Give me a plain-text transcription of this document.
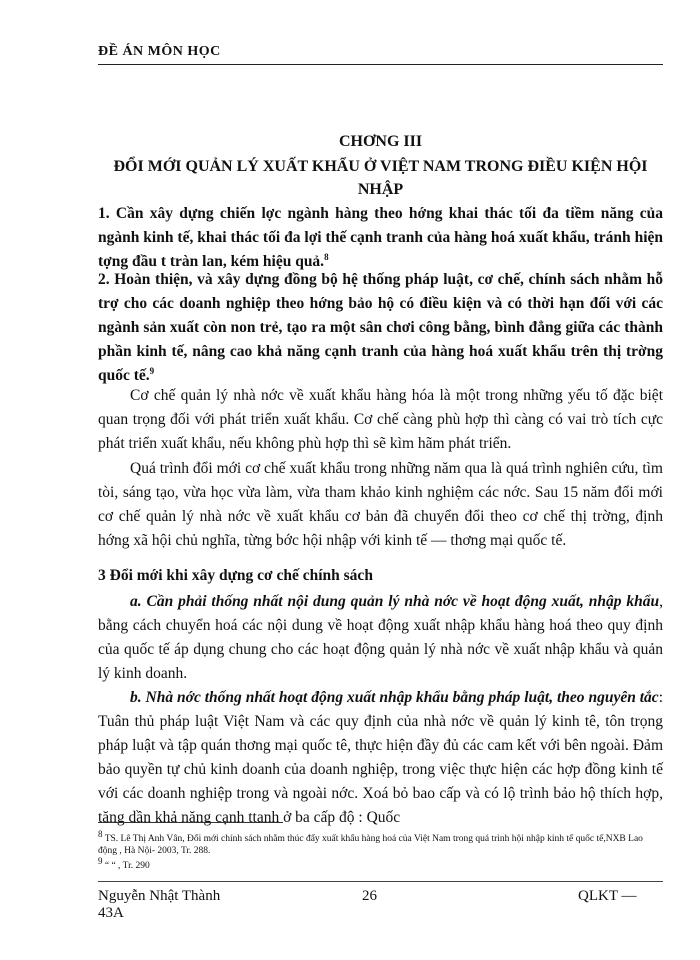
ĐỀ ÁN MÔN HỌC
CHƠNG III
ĐỔI MỚI QUẢN LÝ XUẤT KHẨU Ở VIỆT NAM TRONG ĐIỀU KIỆN HỘI NHẬP

1. Cần xây dựng chiến lợc ngành hàng theo hớng khai thác tối đa tiềm năng của ngành kinh tế, khai thác tối đa lợi thế cạnh tranh của hàng hoá xuất khẩu, tránh hiện tợng đầu t tràn lan, kém hiệu quả.$^8$

2. Hoàn thiện, và xây dựng đồng bộ hệ thống pháp luật, cơ chế, chính sách nhằm hỗ trợ cho các doanh nghiệp theo hớng bảo hộ có điều kiện và có thời hạn đối với các ngành sản xuất còn non trẻ, tạo ra một sân chơi công bằng, bình đẳng giữa các thành phần kinh tế, nâng cao khả năng cạnh tranh của hàng hoá xuất khẩu trên thị trờng quốc tế.$^9$

Cơ chế quản lý nhà nớc về xuất khẩu hàng hóa là một trong những yếu tố đặc biệt quan trọng đối với phát triển xuất khẩu. Cơ chế càng phù hợp thì càng có vai trò tích cực phát triển xuất khẩu, nếu không phù hợp thì sẽ kìm hãm phát triển.

Quá trình đổi mới cơ chế xuất khẩu trong những năm qua là quá trình nghiên cứu, tìm tòi, sáng tạo, vừa học vừa làm, vừa tham khảo kinh nghiệm các nớc. Sau 15 năm đổi mới cơ chế quản lý nhà nớc về xuất khẩu cơ bản đã chuyển đổi theo cơ chế thị trờng, định hớng xã hội chủ nghĩa, từng bớc hội nhập với kinh tế — thơng mại quốc tế.

3 Đổi mới khi xây dựng cơ chế chính sách

a. Cần phải thống nhất nội dung quản lý nhà nớc về hoạt động xuất, nhập khẩu, bằng cách chuyển hoá các nội dung về hoạt động xuất nhập khẩu hàng hoá theo quy định của quốc tế áp dụng chung cho các hoạt động quản lý nhà nớc về xuất nhập khẩu và quản lý kinh doanh.

b. Nhà nớc thống nhất hoạt động xuất nhập khẩu bằng pháp luật, theo nguyên tắc: Tuân thủ pháp luật Việt Nam và các quy định của nhà nớc về quản lý kinh tê, tôn trọng pháp luật và tập quán thơng mại quốc tê, thực hiện đầy đủ các cam kết với bên ngoài. Đảm bảo quyền tự chủ kinh doanh của doanh nghiệp, trong việc thực hiện các hợp đồng kinh tế với các doanh nghiệp trong và ngoài nớc. Xoá bỏ bao cấp và có lộ trình bảo hộ thích hợp, tăng dần khả năng cạnh ttanh ở ba cấp độ : Quốc

8 TS. Lê Thị Anh Vân, Đổi mới chính sách nhằm thúc đẩy xuất khẩu hàng hoá của Việt Nam trong quá trình hội nhập kinh tế quốc tế,NXB Lao động , Hà Nội- 2003, Tr. 288.
9 “ “ , Tr. 290
Nguyễn Nhật Thành 43A
26	QLKT —
